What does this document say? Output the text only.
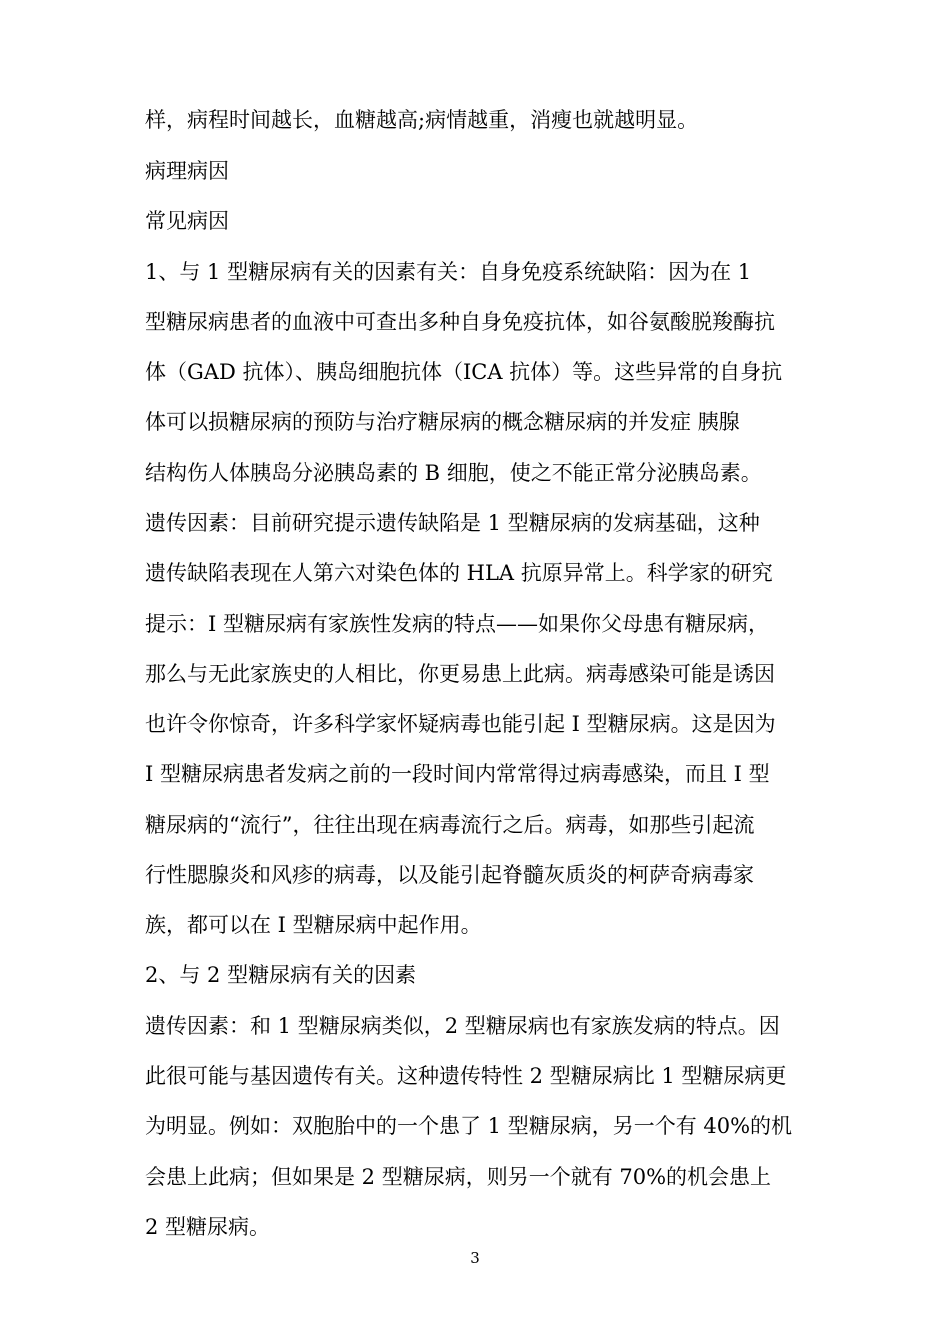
样，病程时间越长，血糖越高;病情越重，消瘦也就越明显。
病理病因
常见病因
1、与 1 型糖尿病有关的因素有关：自身免疫系统缺陷：因为在 1
型糖尿病患者的血液中可查出多种自身免疫抗体，如谷氨酸脱羧酶抗
体（GAD 抗体）、胰岛细胞抗体（ICA 抗体）等。这些异常的自身抗
体可以损糖尿病的预防与治疗糖尿病的概念糖尿病的并发症 胰腺
结构伤人体胰岛分泌胰岛素的 B 细胞，使之不能正常分泌胰岛素。
遗传因素：目前研究提示遗传缺陷是 1 型糖尿病的发病基础，这种
遗传缺陷表现在人第六对染色体的 HLA 抗原异常上。科学家的研究
提示：I 型糖尿病有家族性发病的特点——如果你父母患有糖尿病，
那么与无此家族史的人相比，你更易患上此病。病毒感染可能是诱因
也许令你惊奇，许多科学家怀疑病毒也能引起 I 型糖尿病。这是因为
I 型糖尿病患者发病之前的一段时间内常常得过病毒感染，而且 I 型
糖尿病的“流行”，往往出现在病毒流行之后。病毒，如那些引起流
行性腮腺炎和风疹的病毒，以及能引起脊髓灰质炎的柯萨奇病毒家
族，都可以在 I 型糖尿病中起作用。
2、与 2 型糖尿病有关的因素
遗传因素：和 1 型糖尿病类似，2 型糖尿病也有家族发病的特点。因
此很可能与基因遗传有关。这种遗传特性 2 型糖尿病比 1 型糖尿病更
为明显。例如：双胞胎中的一个患了 1 型糖尿病，另一个有 40%的机
会患上此病；但如果是 2 型糖尿病，则另一个就有 70%的机会患上
2 型糖尿病。
3
